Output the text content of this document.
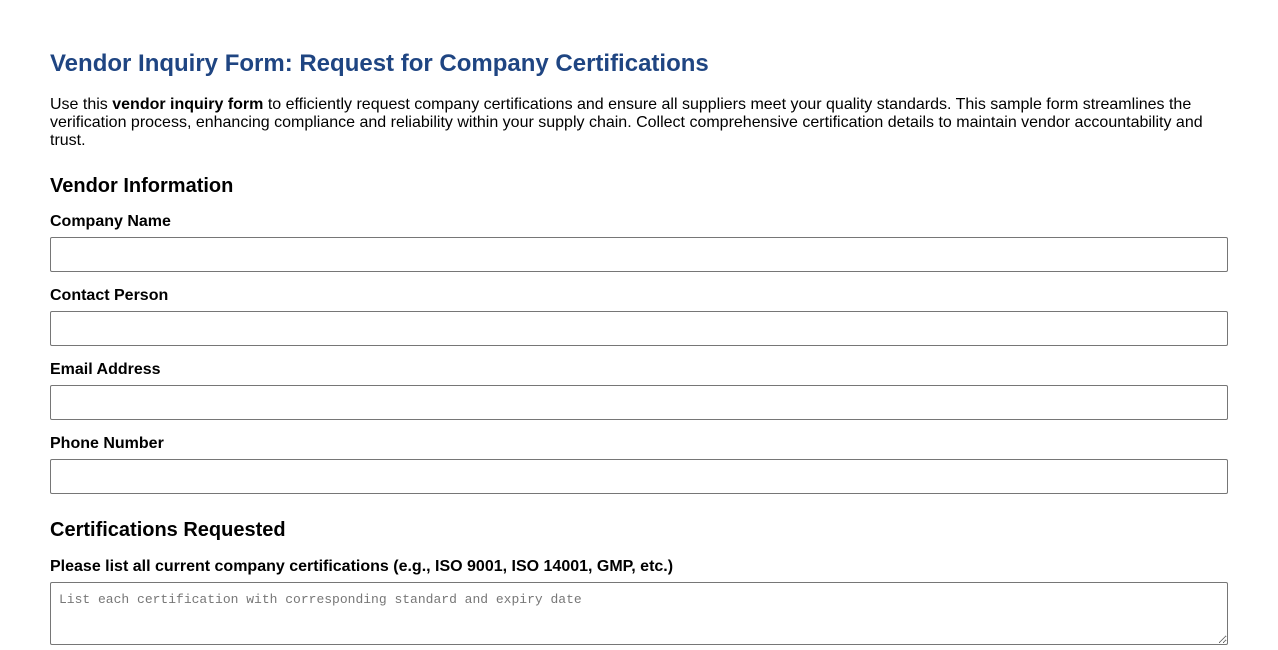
Vendor Inquiry Form: Request for Company Certifications

Use this vendor inquiry form to efficiently request company certifications and ensure all suppliers meet your quality standards. This sample form streamlines the verification process, enhancing compliance and reliability within your supply chain. Collect comprehensive certification details to maintain vendor accountability and trust.

Vendor Information
Company Name
Contact Person
Email Address
Phone Number
Certifications Requested
Please list all current company certifications (e.g., ISO 9001, ISO 14001, GMP, etc.)
List each certification with corresponding standard and expiry date
